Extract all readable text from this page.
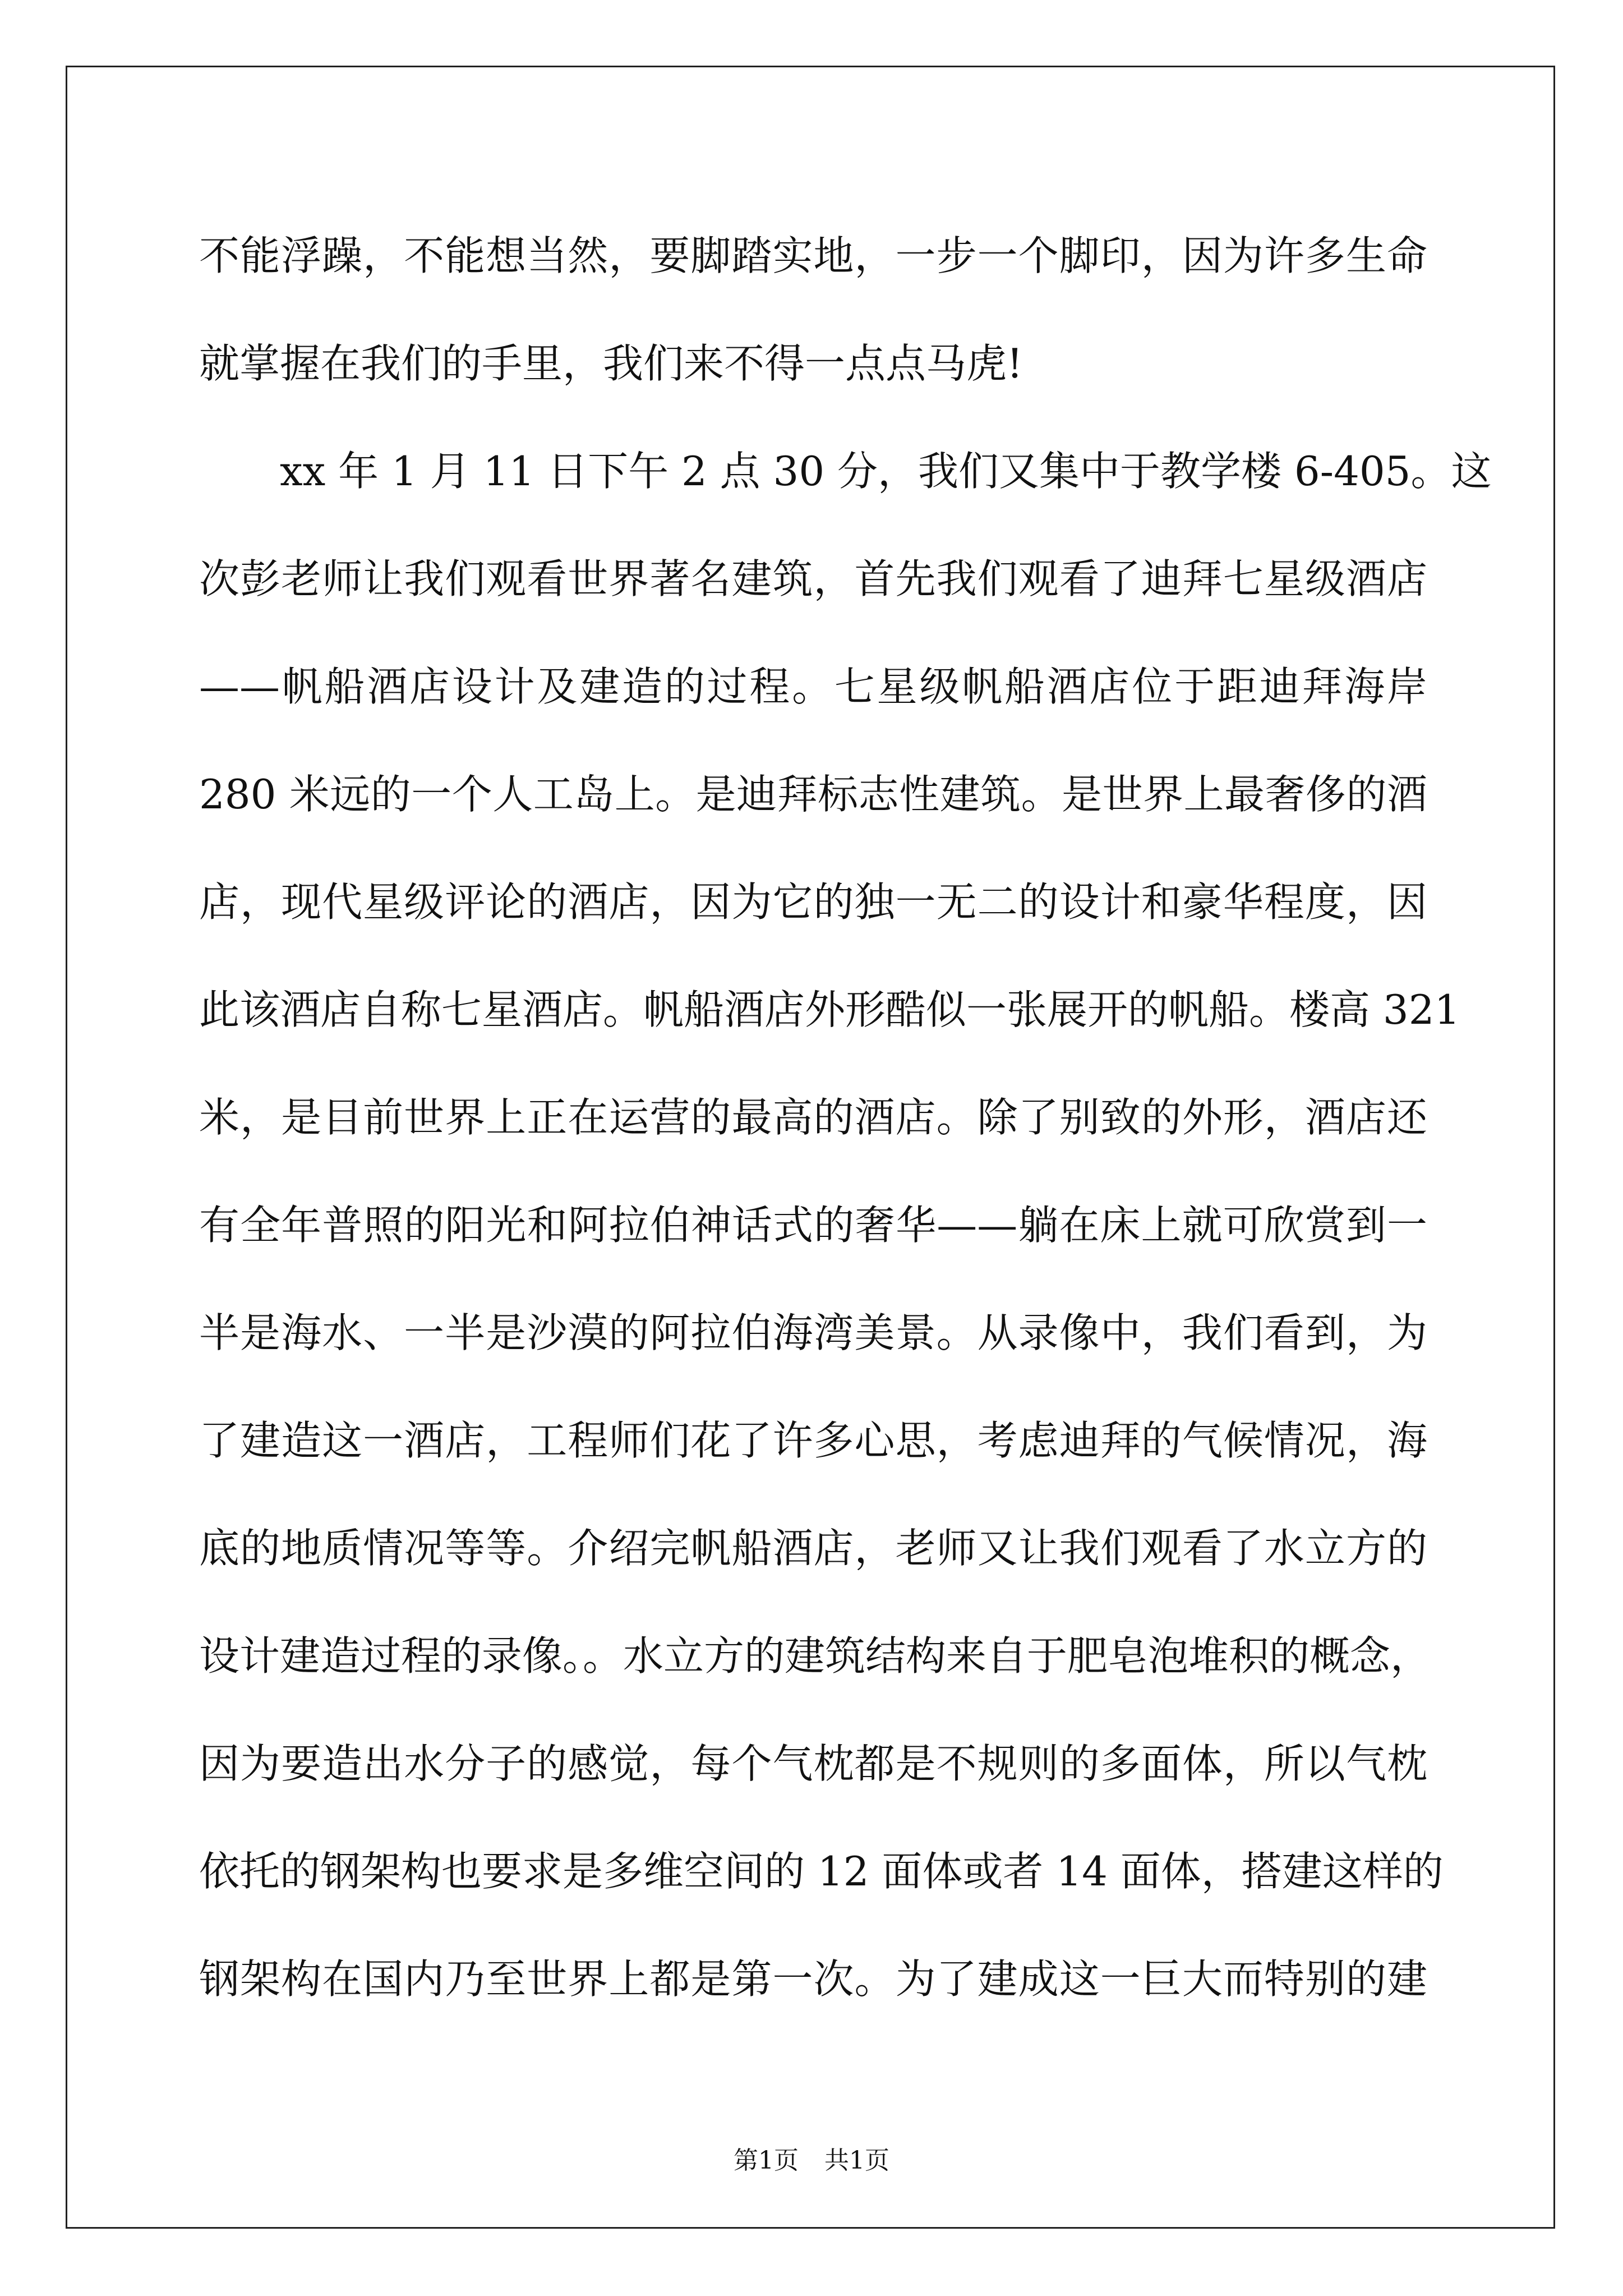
不能浮躁，不能想当然，要脚踏实地，一步一个脚印，因为许多生命
就掌握在我们的手里，我们来不得一点点马虎!
xx 年 1 月 11 日下午 2 点 30 分，我们又集中于教学楼 6-405。这
次彭老师让我们观看世界著名建筑，首先我们观看了迪拜七星级酒店
——帆船酒店设计及建造的过程。七星级帆船酒店位于距迪拜海岸
280 米远的一个人工岛上。是迪拜标志性建筑。是世界上最奢侈的酒
店，现代星级评论的酒店，因为它的独一无二的设计和豪华程度，因
此该酒店自称七星酒店。帆船酒店外形酷似一张展开的帆船。楼高 321
米，是目前世界上正在运营的最高的酒店。除了别致的外形，酒店还
有全年普照的阳光和阿拉伯神话式的奢华——躺在床上就可欣赏到一
半是海水、一半是沙漠的阿拉伯海湾美景。从录像中，我们看到，为
了建造这一酒店，工程师们花了许多心思，考虑迪拜的气候情况，海
底的地质情况等等。介绍完帆船酒店，老师又让我们观看了水立方的
设计建造过程的录像。。水立方的建筑结构来自于肥皂泡堆积的概念，
因为要造出水分子的感觉，每个气枕都是不规则的多面体，所以气枕
依托的钢架构也要求是多维空间的 12 面体或者 14 面体，搭建这样的
钢架构在国内乃至世界上都是第一次。为了建成这一巨大而特别的建
第1页 共1页
